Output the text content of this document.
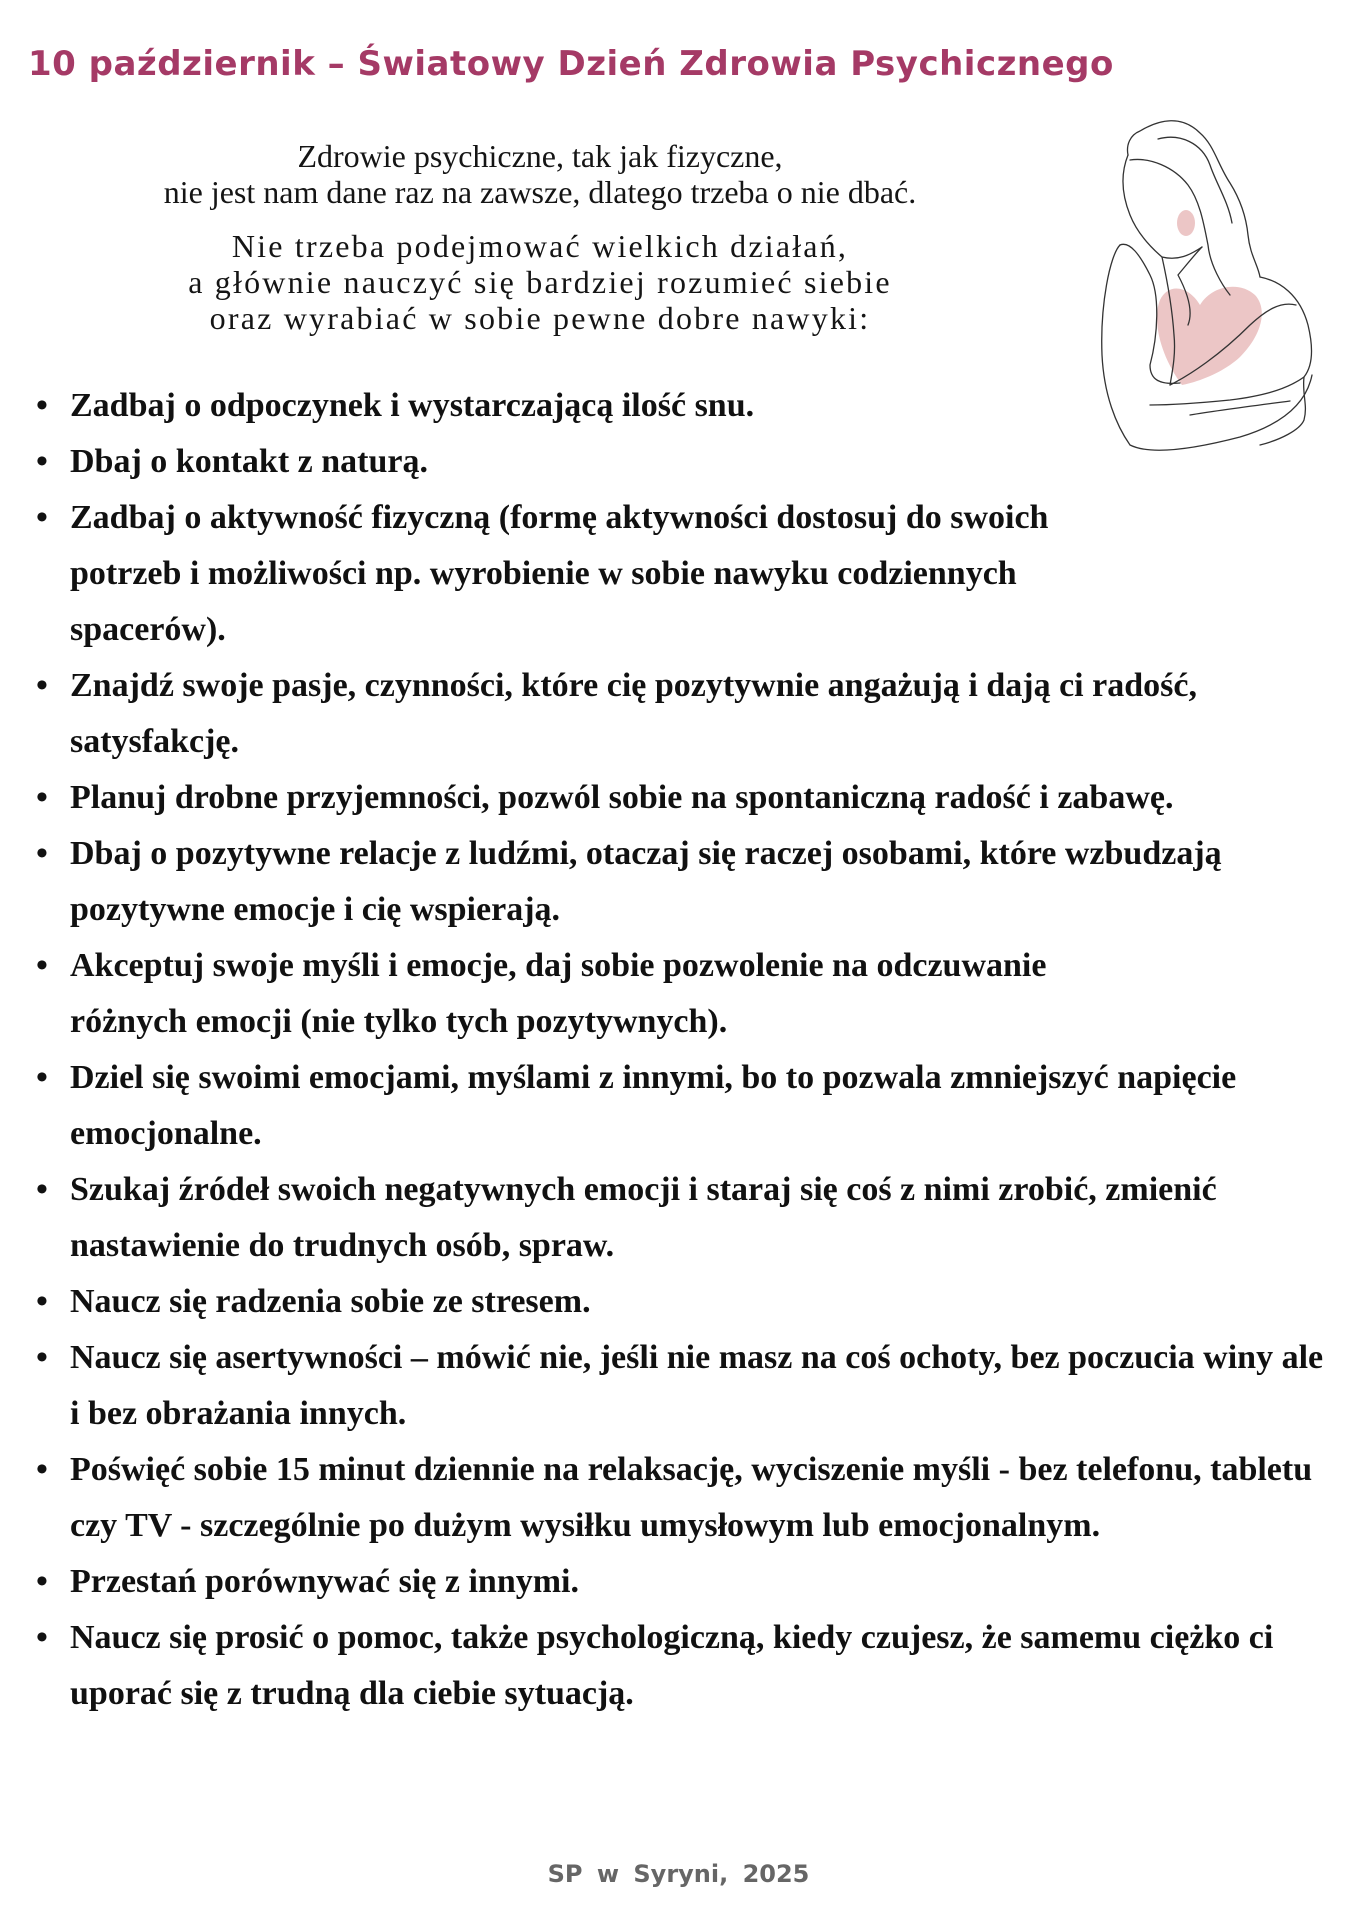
10 październik – Światowy Dzień Zdrowia Psychicznego
Zdrowie psychiczne, tak jak fizyczne,
nie jest nam dane raz na zawsze, dlatego trzeba o nie dbać.
Nie trzeba podejmować wielkich działań,
a głównie nauczyć się bardziej rozumieć siebie
oraz wyrabiać w sobie pewne dobre nawyki:
• Zadbaj o odpoczynek i wystarczającą ilość snu.
• Dbaj o kontakt z naturą.
• Zadbaj o aktywność fizyczną (formę aktywności dostosuj do swoich potrzeb i możliwości np. wyrobienie w sobie nawyku codziennych spacerów).
• Znajdź swoje pasje, czynności, które cię pozytywnie angażują i dają ci radość, satysfakcję.
• Planuj drobne przyjemności, pozwól sobie na spontaniczną radość i zabawę.
• Dbaj o pozytywne relacje z ludźmi, otaczaj się raczej osobami, które wzbudzają pozytywne emocje i cię wspierają.
• Akceptuj swoje myśli i emocje, daj sobie pozwolenie na odczuwanie różnych emocji (nie tylko tych pozytywnych).
• Dziel się swoimi emocjami, myślami z innymi, bo to pozwala zmniejszyć napięcie emocjonalne.
• Szukaj źródeł swoich negatywnych emocji i staraj się coś z nimi zrobić, zmienić nastawienie do trudnych osób, spraw.
• Naucz się radzenia sobie ze stresem.
• Naucz się asertywności – mówić nie, jeśli nie masz na coś ochoty, bez poczucia winy ale i bez obrażania innych.
• Poświęć sobie 15 minut dziennie na relaksację, wyciszenie myśli - bez telefonu, tabletu czy TV - szczególnie po dużym wysiłku umysłowym lub emocjonalnym.
• Przestań porównywać się z innymi.
• Naucz się prosić o pomoc, także psychologiczną, kiedy czujesz, że samemu ciężko ci uporać się z trudną dla ciebie sytuacją.
SP w Syryni, 2025
